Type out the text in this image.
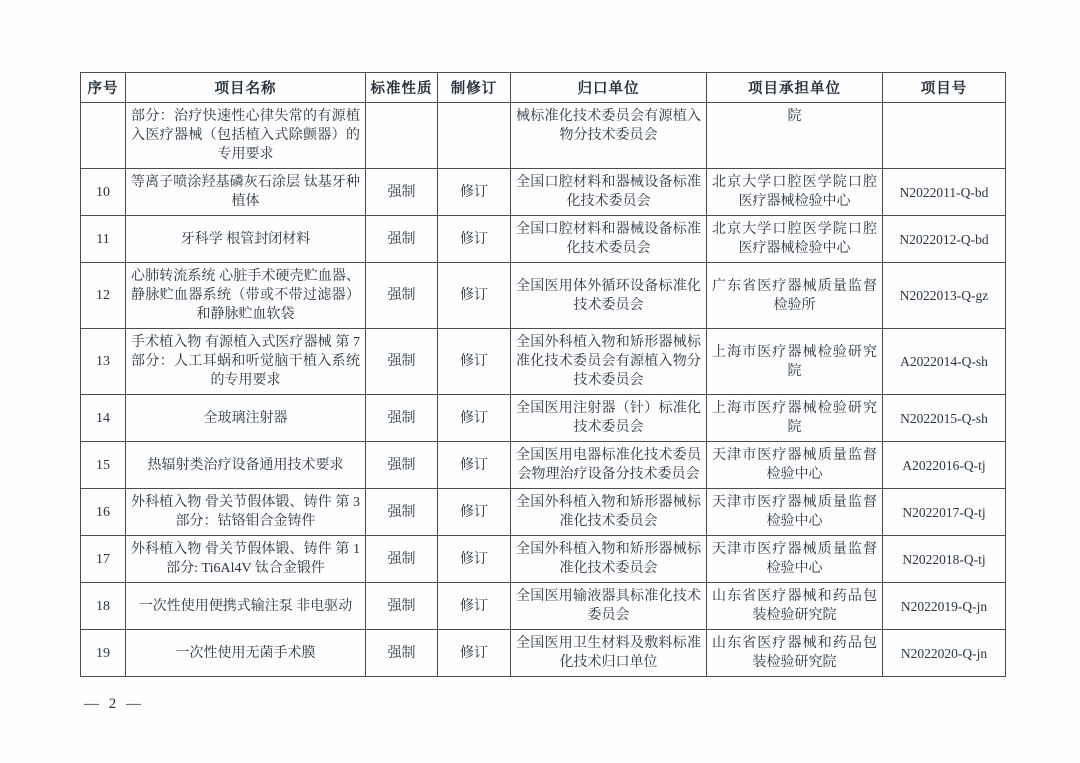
序号	项目名称	标准性质	制修订	归口单位	项目承担单位	项目号
	部分：治疗快速性心律失常的有源植入医疗器械（包括植入式除颤器）的专用要求			械标准化技术委员会有源植入物分技术委员会	院	
10	等离子喷涂羟基磷灰石涂层 钛基牙种植体	强制	修订	全国口腔材料和器械设备标准化技术委员会	北京大学口腔医学院口腔医疗器械检验中心	N2022011-Q-bd
11	牙科学 根管封闭材料	强制	修订	全国口腔材料和器械设备标准化技术委员会	北京大学口腔医学院口腔医疗器械检验中心	N2022012-Q-bd
12	心肺转流系统 心脏手术硬壳贮血器、静脉贮血器系统（带或不带过滤器）和静脉贮血软袋	强制	修订	全国医用体外循环设备标准化技术委员会	广东省医疗器械质量监督检验所	N2022013-Q-gz
13	手术植入物 有源植入式医疗器械 第 7 部分：人工耳蜗和听觉脑干植入系统的专用要求	强制	修订	全国外科植入物和矫形器械标准化技术委员会有源植入物分技术委员会	上海市医疗器械检验研究院	A2022014-Q-sh
14	全玻璃注射器	强制	修订	全国医用注射器（针）标准化技术委员会	上海市医疗器械检验研究院	N2022015-Q-sh
15	热辐射类治疗设备通用技术要求	强制	修订	全国医用电器标准化技术委员会物理治疗设备分技术委员会	天津市医疗器械质量监督检验中心	A2022016-Q-tj
16	外科植入物 骨关节假体锻、铸件 第 3 部分：钴铬钼合金铸件	强制	修订	全国外科植入物和矫形器械标准化技术委员会	天津市医疗器械质量监督检验中心	N2022017-Q-tj
17	外科植入物 骨关节假体锻、铸件 第 1 部分: Ti6Al4V 钛合金锻件	强制	修订	全国外科植入物和矫形器械标准化技术委员会	天津市医疗器械质量监督检验中心	N2022018-Q-tj
18	一次性使用便携式输注泵 非电驱动	强制	修订	全国医用输液器具标准化技术委员会	山东省医疗器械和药品包装检验研究院	N2022019-Q-jn
19	一次性使用无菌手术膜	强制	修订	全国医用卫生材料及敷料标准化技术归口单位	山东省医疗器械和药品包装检验研究院	N2022020-Q-jn
— 2 —
